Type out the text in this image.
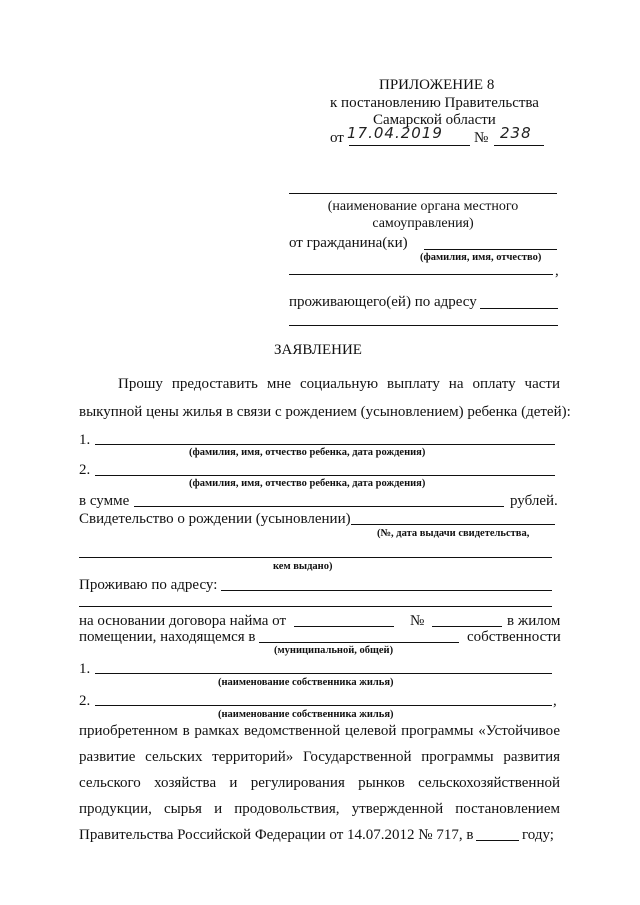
ПРИЛОЖЕНИЕ 8
к постановлению Правительства
Самарской области
от 17.04.2019 № 238
(наименование органа местного
самоуправления)
от гражданина(ки)
(фамилия, имя, отчество)
,
проживающего(ей) по адресу
ЗАЯВЛЕНИЕ
Прошу предоставить мне социальную выплату на оплату части
выкупной цены жилья в связи с рождением (усыновлением) ребенка (детей):
1.
(фамилия, имя, отчество ребенка, дата рождения)
2.
(фамилия, имя, отчество ребенка, дата рождения)
в сумме	рублей.
Свидетельство о рождении (усыновлении)
(№, дата выдачи свидетельства,
кем выдано)
Проживаю по адресу:
на основании договора найма от	№	в жилом
помещении, находящемся в	собственности
(муниципальной, общей)
1.
(наименование собственника жилья)
2.	,
(наименование собственника жилья)
приобретенном в рамках ведомственной целевой программы «Устойчивое
развитие сельских территорий» Государственной программы развития
сельского хозяйства и регулирования рынков сельскохозяйственной
продукции, сырья и продовольствия, утвержденной постановлением
Правительства Российской Федерации от 14.07.2012 № 717, в	году;
